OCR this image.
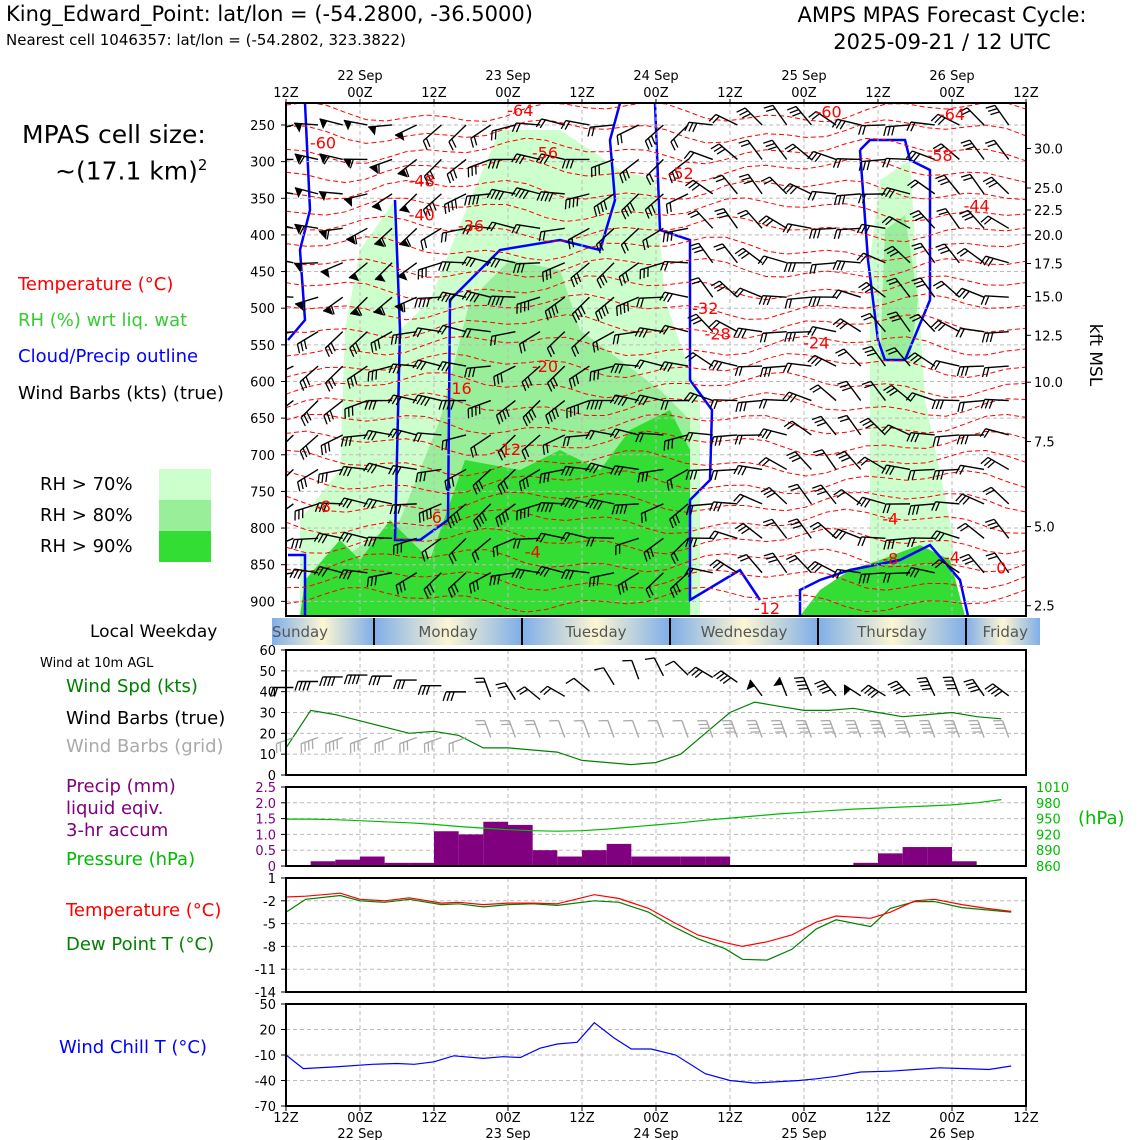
King_Edward_Point: lat/lon = (-54.2800, -36.5000)
Nearest cell 1046357: lat/lon = (-54.2802, 323.3822)
AMPS MPAS Forecast Cycle:
2025-09-21 / 12 UTC
MPAS cell size:
~(17.1 km)$^2$
Temperature (°C)
RH (%) wrt liq. wat
Cloud/Precip outline
Wind Barbs (kts) (true)
RH > 70%
RH > 80%
RH > 90%
Local Weekday
Wind at 10m AGL
Wind Spd (kts)
Wind Barbs (true)
Wind Barbs (grid)
Precip (mm)
liquid eqiv.
3-hr accum
Pressure (hPa)
(hPa)
Temperature (°C)
Dew Point T (°C)
Wind Chill T (°C)
-64
-60
-56
-52
-48
-40
-36
-32
-28	-24
-20
-16
-12
-8
-6
-4
-4
-8	-4
0
-12
-60	-64
-58
-44
250
300
350
400
450
500
550
600
650
700
750
800
850
900
30.0
25.0
22.5
20.0
17.5
15.0
12.5
10.0
7.5
5.0
2.5
kft MSL
12Z	00Z	12Z	00Z	12Z	00Z	12Z	00Z	12Z	00Z	12Z
22 Sep	23 Sep	24 Sep	25 Sep	26 Sep
Sunday	Monday	Tuesday	Wednesday	Thursday	Friday
0
10
20
30
40
50
60
0
0.5
1.0
1.5
2.0
2.5
860
890
920
950
980
1010
1
-2
-5
-8
-11
-14
50
20
-10
-40
-70
12Z	00Z	12Z	00Z	12Z	00Z	12Z	00Z	12Z	00Z	12Z
22 Sep	23 Sep	24 Sep	25 Sep	26 Sep
